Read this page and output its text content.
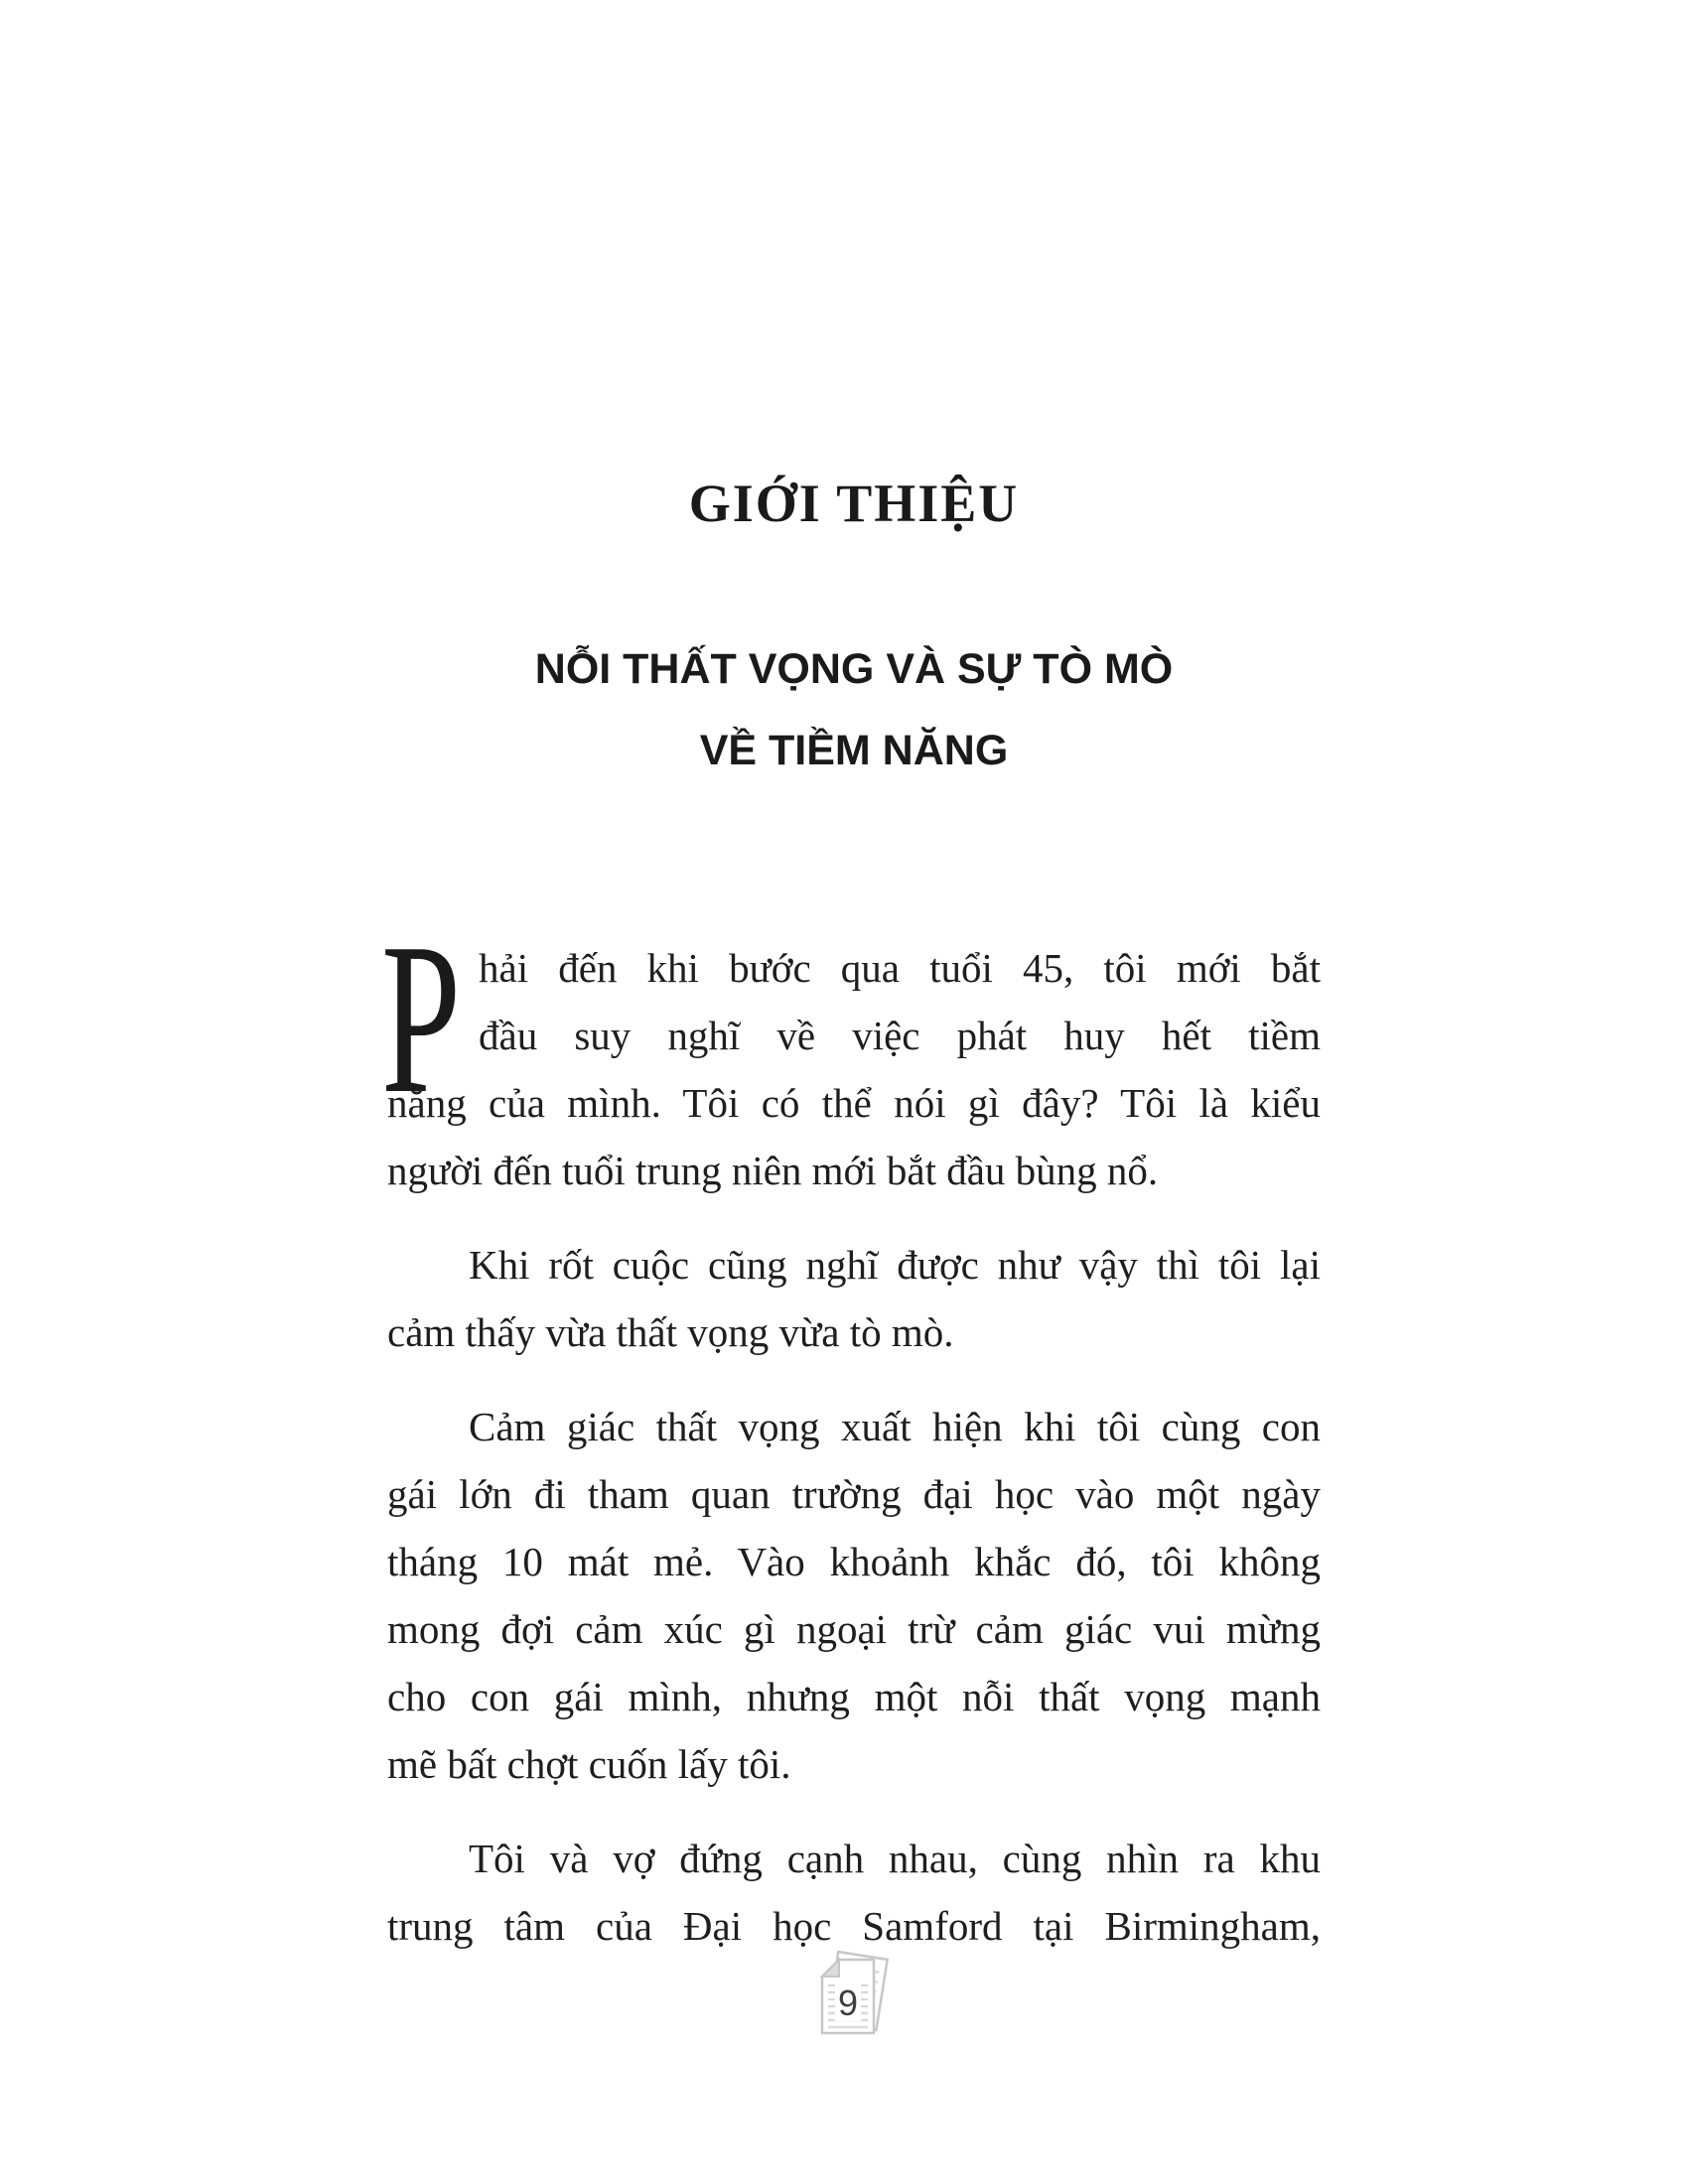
GIỚI THIỆU
NỖI THẤT VỌNG VÀ SỰ TÒ MÒ
VỀ TIỀM NĂNG
P hải đến khi bước qua tuổi 45, tôi mới bắt
đầu suy nghĩ về việc phát huy hết tiềm
năng của mình. Tôi có thể nói gì đây? Tôi là kiểu
người đến tuổi trung niên mới bắt đầu bùng nổ.
Khi rốt cuộc cũng nghĩ được như vậy thì tôi lại
cảm thấy vừa thất vọng vừa tò mò.
Cảm giác thất vọng xuất hiện khi tôi cùng con
gái lớn đi tham quan trường đại học vào một ngày
tháng 10 mát mẻ. Vào khoảnh khắc đó, tôi không
mong đợi cảm xúc gì ngoại trừ cảm giác vui mừng
cho con gái mình, nhưng một nỗi thất vọng mạnh
mẽ bất chợt cuốn lấy tôi.
Tôi và vợ đứng cạnh nhau, cùng nhìn ra khu
trung tâm của Đại học Samford tại Birmingham,
9
